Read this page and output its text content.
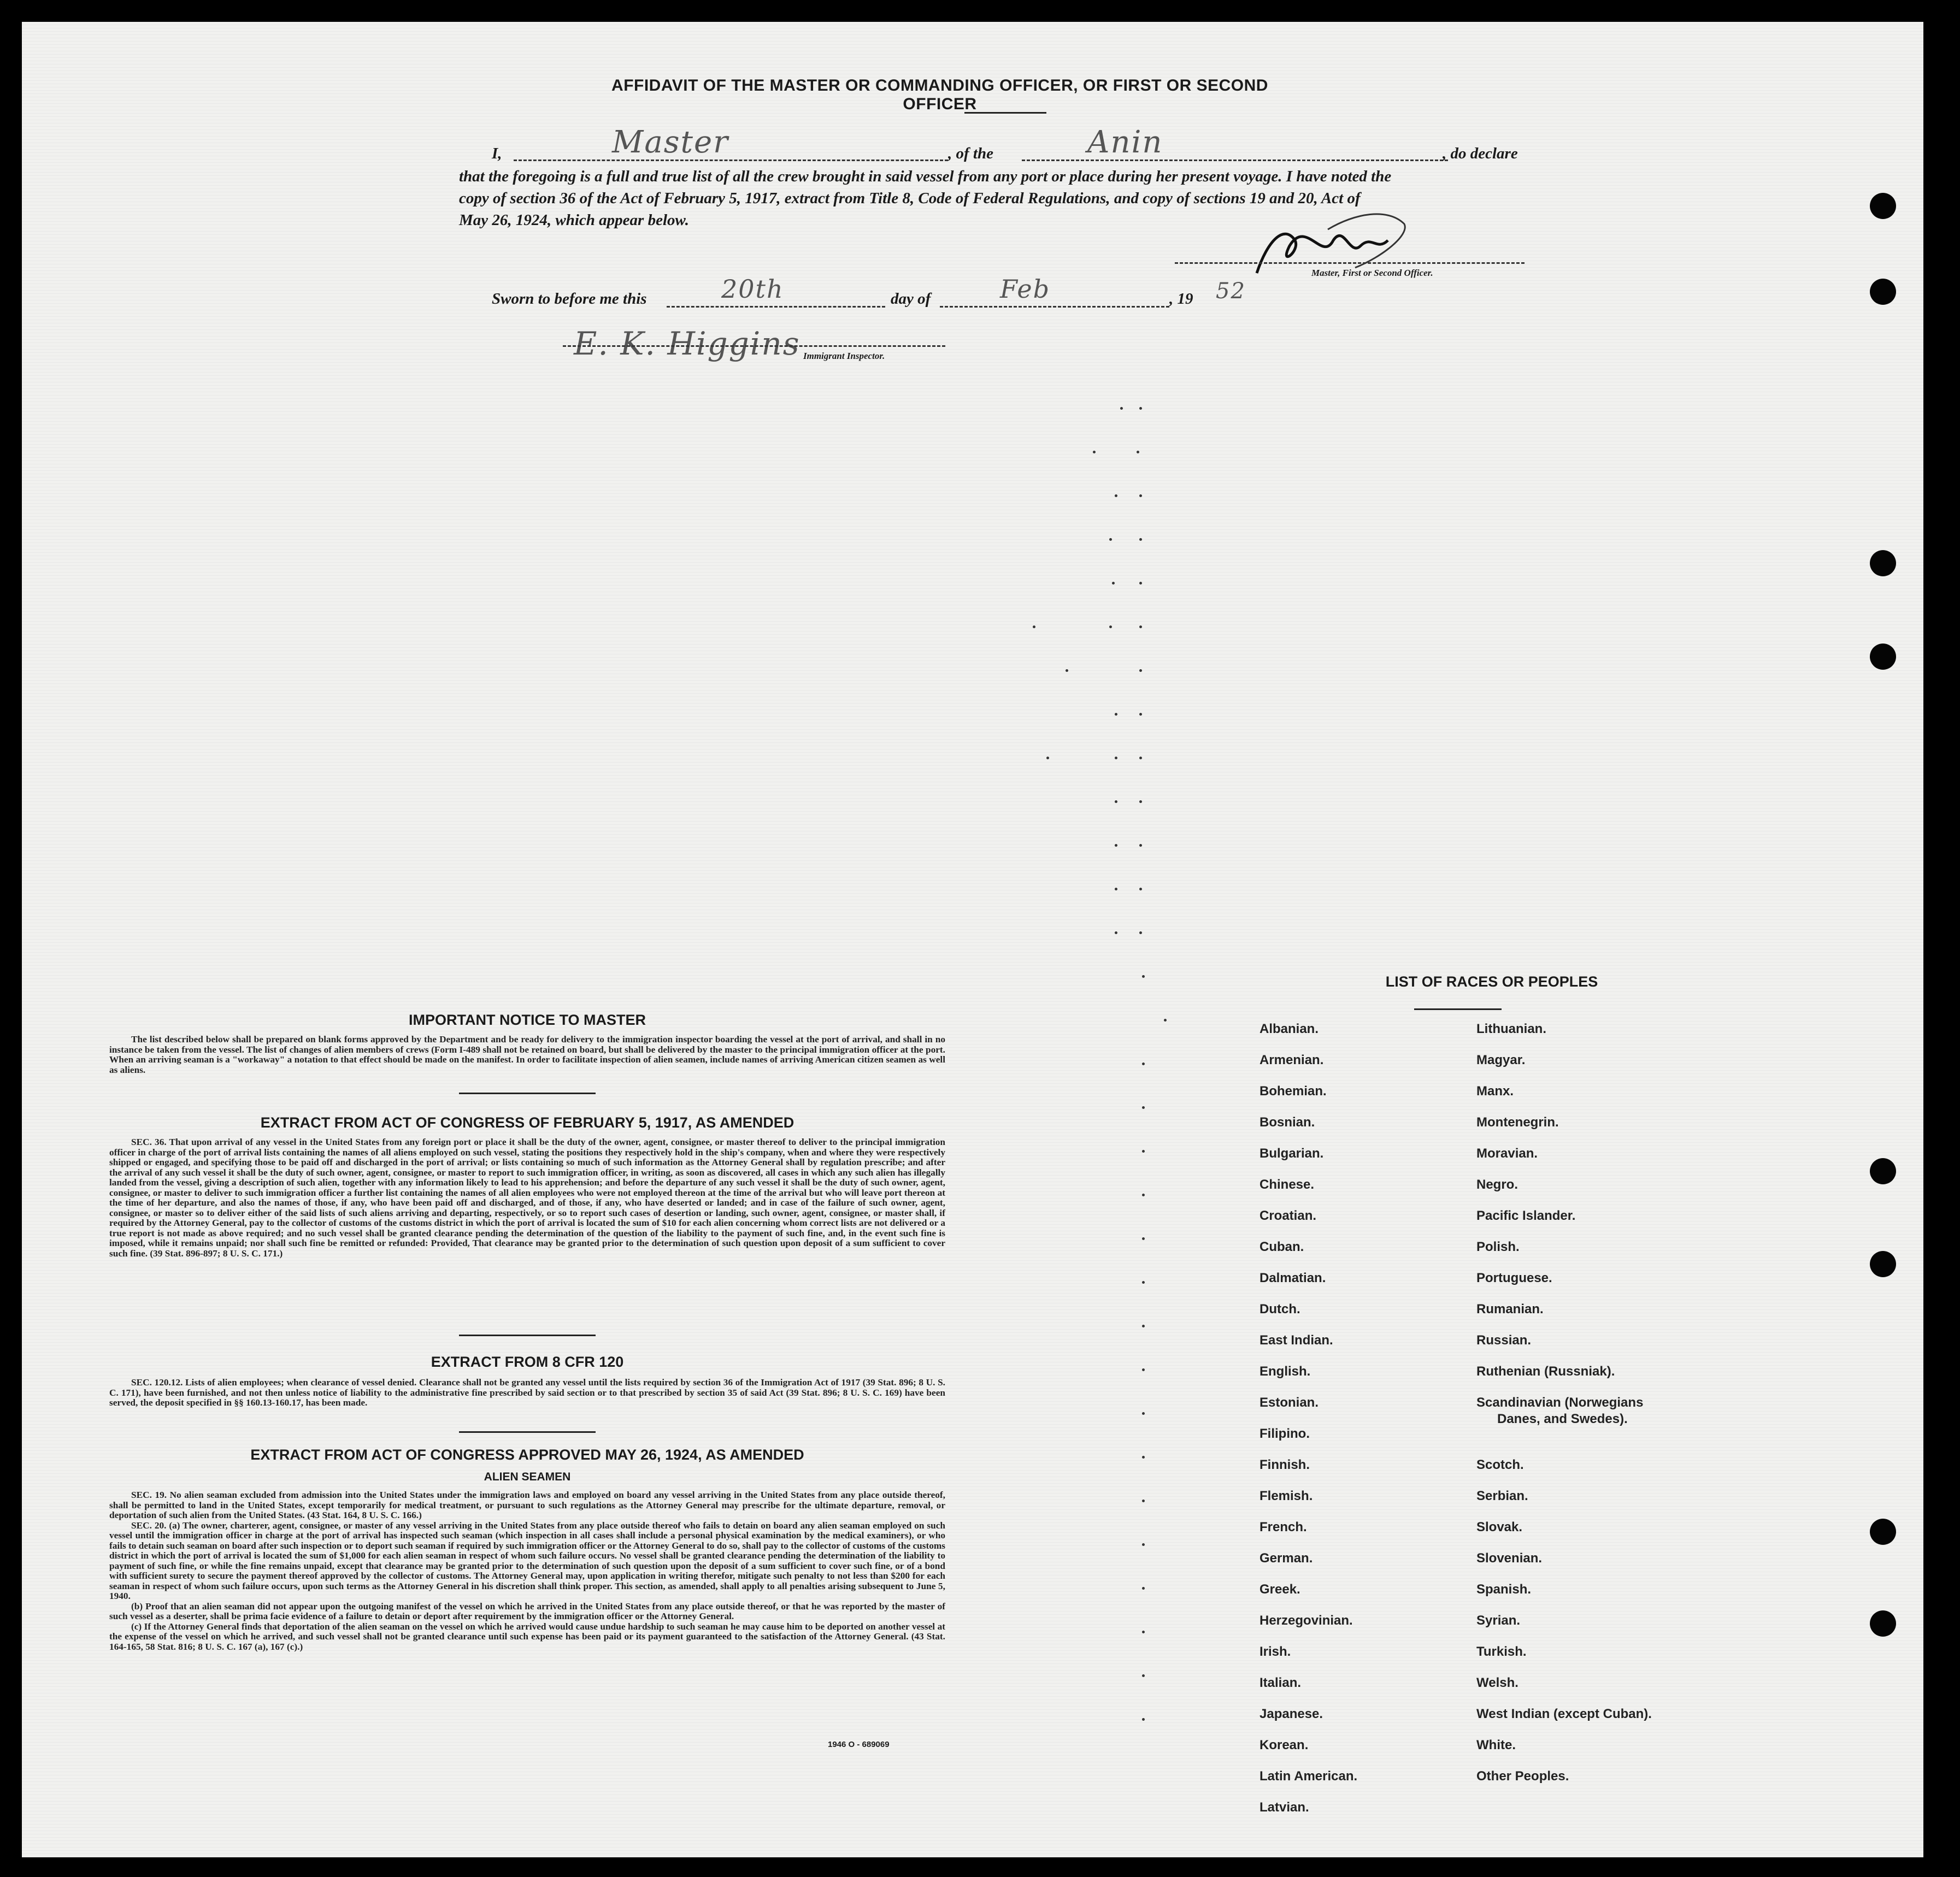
AFFIDAVIT OF THE MASTER OR COMMANDING OFFICER, OR FIRST OR SECOND OFFICER
I,	Master	, of the	Anin	, do declare
that the foregoing is a full and true list of all the crew brought in said vessel from any port or place during her present voyage. I have noted the
copy of section 36 of the Act of February 5, 1917, extract from Title 8, Code of Federal Regulations, and copy of sections 19 and 20, Act of
May 26, 1924, which appear below.
Master, First or Second Officer.
Sworn to before me this	20th	day of	Feb	, 19 52
E. K. Higgins Immigrant Inspector.
IMPORTANT NOTICE TO MASTER

The list described below shall be prepared on blank forms approved by the Department and be ready for delivery to the immigration inspector boarding the vessel at the port of arrival, and shall in no instance be taken from the vessel. The list of changes of alien members of crews (Form I-489 shall not be retained on board, but shall be delivered by the master to the principal immigration officer at the port. When an arriving seaman is a "workaway" a notation to that effect should be made on the manifest. In order to facilitate inspection of alien seamen, include names of arriving American citizen seamen as well as aliens.

EXTRACT FROM ACT OF CONGRESS OF FEBRUARY 5, 1917, AS AMENDED

SEC. 36. That upon arrival of any vessel in the United States from any foreign port or place it shall be the duty of the owner, agent, consignee, or master thereof to deliver to the principal immigration officer in charge of the port of arrival lists containing the names of all aliens employed on such vessel, stating the positions they respectively hold in the ship's company, when and where they were respectively shipped or engaged, and specifying those to be paid off and discharged in the port of arrival; or lists containing so much of such information as the Attorney General shall by regulation prescribe; and after the arrival of any such vessel it shall be the duty of such owner, agent, consignee, or master to report to such immigration officer, in writing, as soon as discovered, all cases in which any such alien has illegally landed from the vessel, giving a description of such alien, together with any information likely to lead to his apprehension; and before the departure of any such vessel it shall be the duty of such owner, agent, consignee, or master to deliver to such immigration officer a further list containing the names of all alien employees who were not employed thereon at the time of the arrival but who will leave port thereon at the time of her departure, and also the names of those, if any, who have been paid off and discharged, and of those, if any, who have deserted or landed; and in case of the failure of such owner, agent, consignee, or master so to deliver either of the said lists of such aliens arriving and departing, respectively, or so to report such cases of desertion or landing, such owner, agent, consignee, or master shall, if required by the Attorney General, pay to the collector of customs of the customs district in which the port of arrival is located the sum of $10 for each alien concerning whom correct lists are not delivered or a true report is not made as above required; and no such vessel shall be granted clearance pending the determination of the question of the liability to the payment of such fine, and, in the event such fine is imposed, while it remains unpaid; nor shall such fine be remitted or refunded: Provided, That clearance may be granted prior to the determination of such question upon deposit of a sum sufficient to cover such fine. (39 Stat. 896-897; 8 U. S. C. 171.)

EXTRACT FROM 8 CFR 120

SEC. 120.12. Lists of alien employees; when clearance of vessel denied. Clearance shall not be granted any vessel until the lists required by section 36 of the Immigration Act of 1917 (39 Stat. 896; 8 U. S. C. 171), have been furnished, and not then unless notice of liability to the administrative fine prescribed by said section or to that prescribed by section 35 of said Act (39 Stat. 896; 8 U. S. C. 169) have been served, the deposit specified in §§ 160.13-160.17, has been made.

EXTRACT FROM ACT OF CONGRESS APPROVED MAY 26, 1924, AS AMENDED
ALIEN SEAMEN

SEC. 19. No alien seaman excluded from admission into the United States under the immigration laws and employed on board any vessel arriving in the United States from any place outside thereof, shall be permitted to land in the United States, except temporarily for medical treatment, or pursuant to such regulations as the Attorney General may prescribe for the ultimate departure, removal, or deportation of such alien from the United States. (43 Stat. 164, 8 U. S. C. 166.)

SEC. 20. (a) The owner, charterer, agent, consignee, or master of any vessel arriving in the United States from any place outside thereof who fails to detain on board any alien seaman employed on such vessel until the immigration officer in charge at the port of arrival has inspected such seaman (which inspection in all cases shall include a personal physical examination by the medical examiners), or who fails to detain such seaman on board after such inspection or to deport such seaman if required by such immigration officer or the Attorney General to do so, shall pay to the collector of customs of the customs district in which the port of arrival is located the sum of $1,000 for each alien seaman in respect of whom such failure occurs. No vessel shall be granted clearance pending the determination of the liability to payment of such fine, or while the fine remains unpaid, except that clearance may be granted prior to the determination of such question upon the deposit of a sum sufficient to cover such fine, or of a bond with sufficient surety to secure the payment thereof approved by the collector of customs. The Attorney General may, upon application in writing therefor, mitigate such penalty to not less than $200 for each seaman in respect of whom such failure occurs, upon such terms as the Attorney General in his discretion shall think proper. This section, as amended, shall apply to all penalties arising subsequent to June 5, 1940.

(b) Proof that an alien seaman did not appear upon the outgoing manifest of the vessel on which he arrived in the United States from any place outside thereof, or that he was reported by the master of such vessel as a deserter, shall be prima facie evidence of a failure to detain or deport after requirement by the immigration officer or the Attorney General.

(c) If the Attorney General finds that deportation of the alien seaman on the vessel on which he arrived would cause undue hardship to such seaman he may cause him to be deported on another vessel at the expense of the vessel on which he arrived, and such vessel shall not be granted clearance until such expense has been paid or its payment guaranteed to the satisfaction of the Attorney General. (43 Stat. 164-165, 58 Stat. 816; 8 U. S. C. 167 (a), 167 (c).)

1946 O - 689069
LIST OF RACES OR PEOPLES
Albanian.
Armenian.
Bohemian.
Bosnian.
Bulgarian.
Chinese.
Croatian.
Cuban.
Dalmatian.
Dutch.
East Indian.
English.
Estonian.
Filipino.
Finnish.
Flemish.
French.
German.
Greek.
Herzegovinian.
Irish.
Italian.
Japanese.
Korean.
Latin American.
Latvian.
Lithuanian.
Magyar.
Manx.
Montenegrin.
Moravian.
Negro.
Pacific Islander.
Polish.
Portuguese.
Rumanian.
Russian.
Ruthenian (Russniak).
Scandinavian (Norwegians
Danes, and Swedes).
Scotch.
Serbian.
Slovak.
Slovenian.
Spanish.
Syrian.
Turkish.
Welsh.
West Indian (except Cuban).
White.
Other Peoples.
